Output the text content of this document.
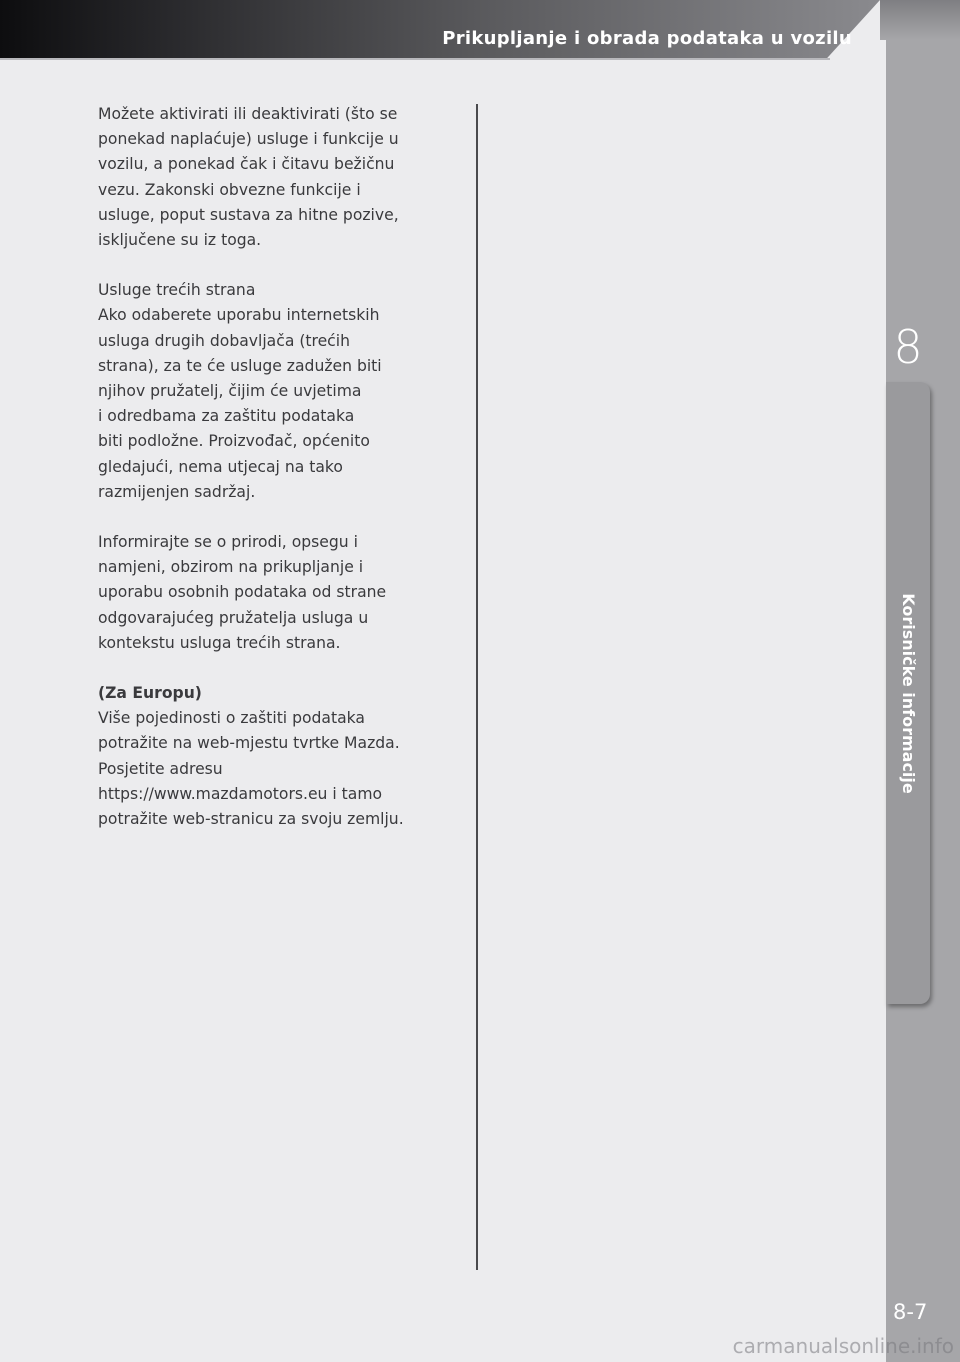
Prikupljanje i obrada podataka u vozilu
8
Korisničke informacije

Možete aktivirati ili deaktivirati (što se
ponekad naplaćuje) usluge i funkcije u
vozilu, a ponekad čak i čitavu bežičnu
vezu. Zakonski obvezne funkcije i
usluge, poput sustava za hitne pozive,
isključene su iz toga.

Usluge trećih strana
Ako odaberete uporabu internetskih
usluga drugih dobavljača (trećih
strana), za te će usluge zadužen biti
njihov pružatelj, čijim će uvjetima
i odredbama za zaštitu podataka
biti podložne. Proizvođač, općenito
gledajući, nema utjecaj na tako
razmijenjen sadržaj.

Informirajte se o prirodi, opsegu i
namjeni, obzirom na prikupljanje i
uporabu osobnih podataka od strane
odgovarajućeg pružatelja usluga u
kontekstu usluga trećih strana.

(Za Europu)

Više pojedinosti o zaštiti podataka
potražite na web-mjestu tvrtke Mazda.
Posjetite adresu
https://www.mazdamotors.eu i tamo
potražite web-stranicu za svoju zemlju.

8-7
carmanualsonline.info
